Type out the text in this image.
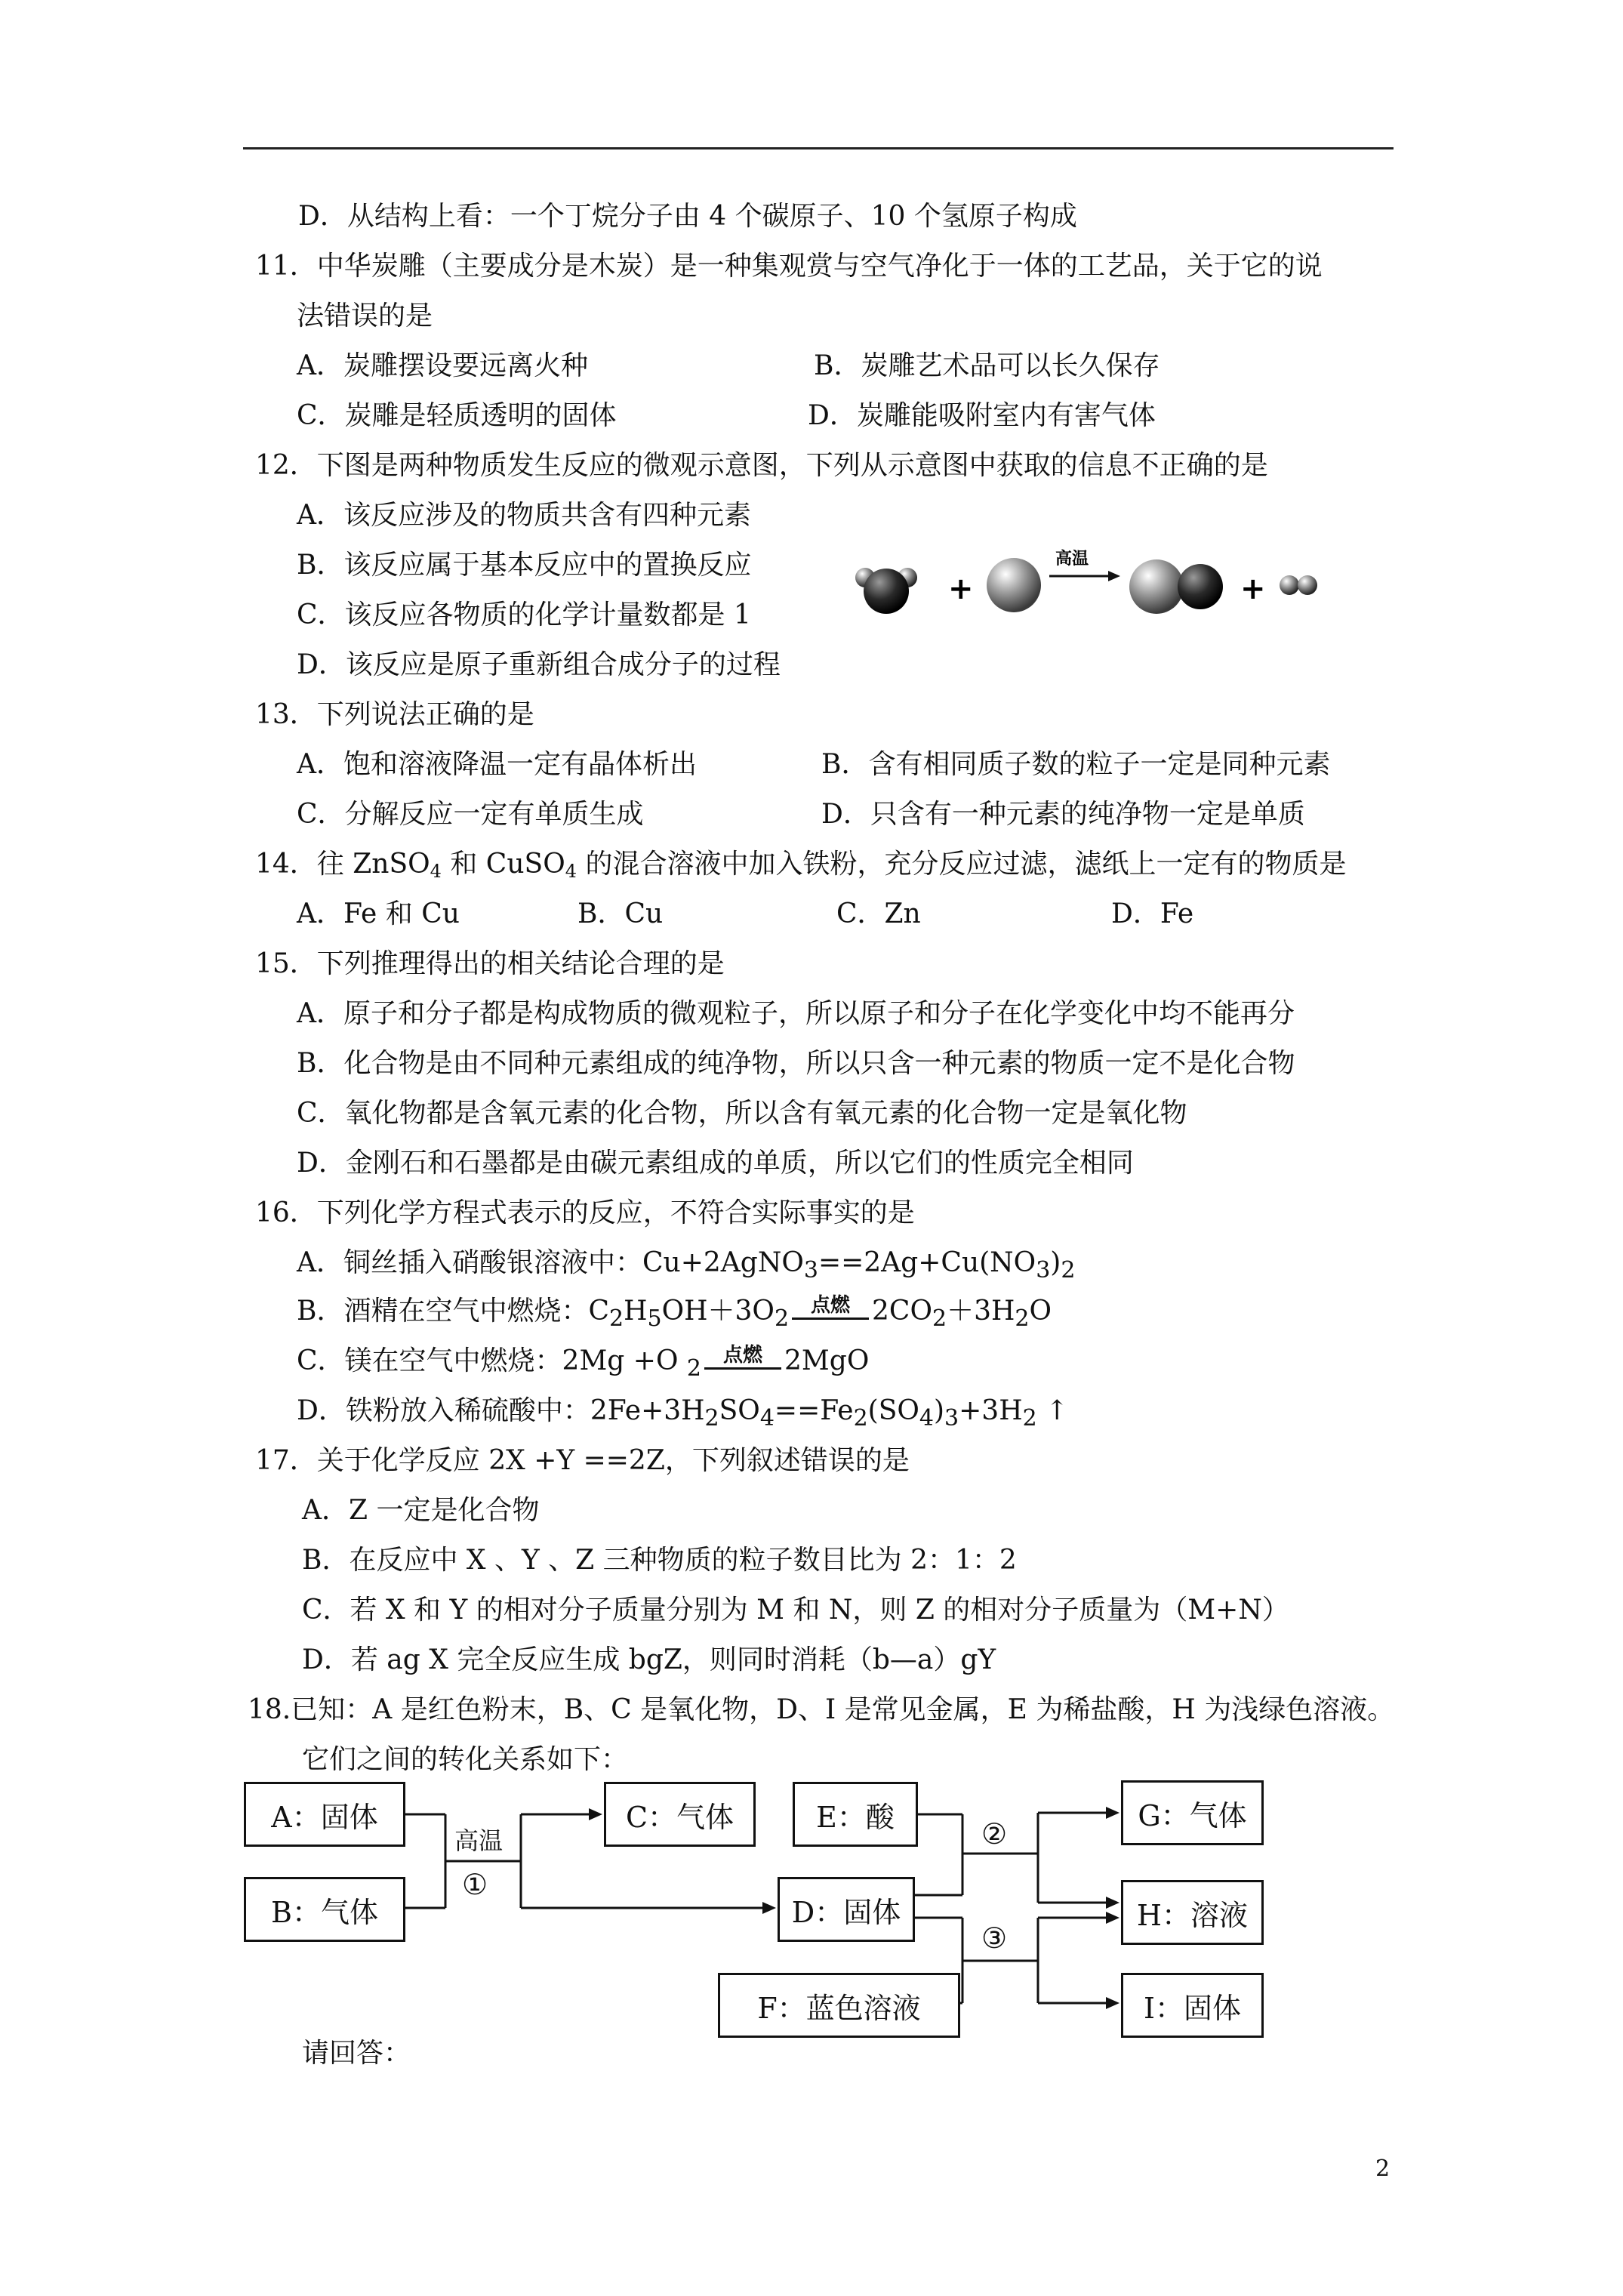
D．从结构上看：一个丁烷分子由 4 个碳原子、10 个氢原子构成
11．中华炭雕（主要成分是木炭）是一种集观赏与空气净化于一体的工艺品，关于它的说
法错误的是
A．炭雕摆设要远离火种	B．炭雕艺术品可以长久保存
C．炭雕是轻质透明的固体	D．炭雕能吸附室内有害气体
12．下图是两种物质发生反应的微观示意图，下列从示意图中获取的信息不正确的是
A．该反应涉及的物质共含有四种元素
B．该反应属于基本反应中的置换反应
C．该反应各物质的化学计量数都是 1
D．该反应是原子重新组合成分子的过程
+
高温
+
13．下列说法正确的是
A．饱和溶液降温一定有晶体析出	B．含有相同质子数的粒子一定是同种元素
C．分解反应一定有单质生成	D．只含有一种元素的纯净物一定是单质
14．往 ZnSO$_4$ 和 CuSO$_4$ 的混合溶液中加入铁粉，充分反应过滤，滤纸上一定有的物质是
A．Fe 和 Cu	B．Cu	C．Zn	D．Fe
15．下列推理得出的相关结论合理的是
A．原子和分子都是构成物质的微观粒子，所以原子和分子在化学变化中均不能再分
B．化合物是由不同种元素组成的纯净物，所以只含一种元素的物质一定不是化合物
C．氧化物都是含氧元素的化合物，所以含有氧元素的化合物一定是氧化物
D．金刚石和石墨都是由碳元素组成的单质，所以它们的性质完全相同
16．下列化学方程式表示的反应，不符合实际事实的是
A．铜丝插入硝酸银溶液中：$Cu+2AgNO_3==2Ag+Cu(NO_3)_2$
B．酒精在空气中燃烧：$C_2H_5OH+3O_2$
点燃 $2CO_2+3H_2O$
C．镁在空气中燃烧：2Mg +O $_2$
点燃 2MgO
D．铁粉放入稀硫酸中：$2Fe+3H_2SO_4==Fe_2(SO_4)_3+3H_2$ ↑
17．关于化学反应 2X +Y ==2Z，下列叙述错误的是
A．Z 一定是化合物
B．在反应中 X 、Y 、Z 三种物质的粒子数目比为 2：1：2
C．若 X 和 Y 的相对分子质量分别为 M 和 N，则 Z 的相对分子质量为（M+N）
D．若 ag X 完全反应生成 bgZ，则同时消耗（b—a）gY
18.已知：A 是红色粉末，B、C 是氧化物，D、I 是常见金属，E 为稀盐酸，H 为浅绿色溶液。
它们之间的转化关系如下：
A：固体
B：气体
C：气体
D：固体
E：酸
F：蓝色溶液
G：气体
H：溶液
I：固体
高温
①
②
③
请回答：
2
